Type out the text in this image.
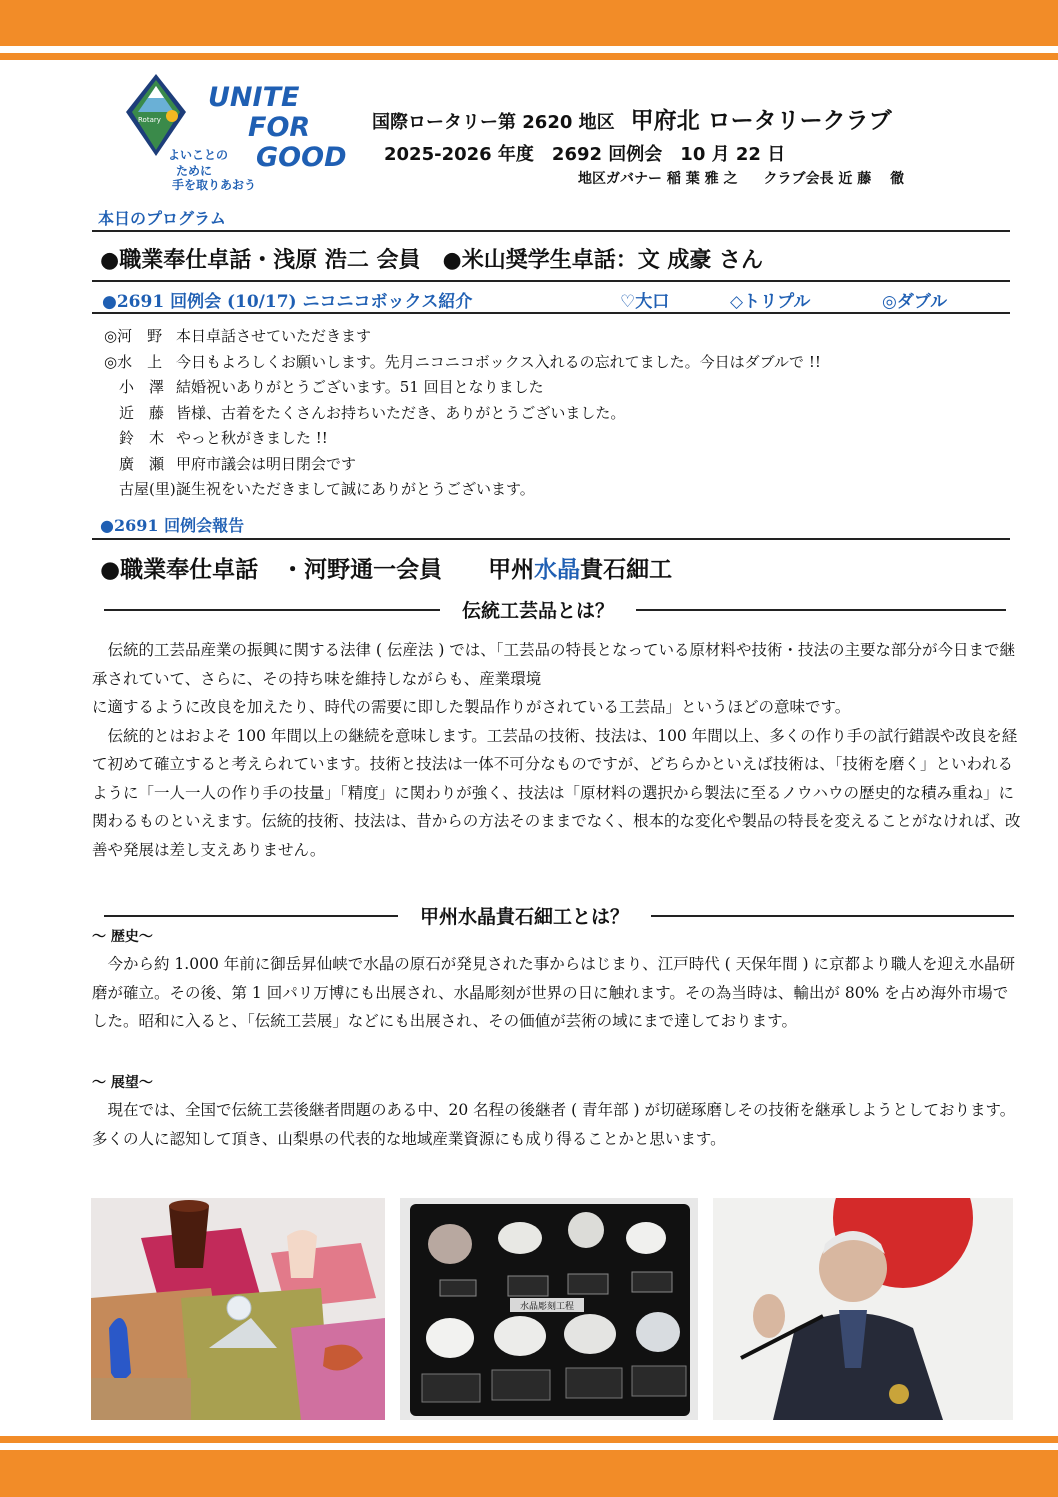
Rotary
UNITE
FOR
GOOD
よいことの
ために
手を取りあおう
国際ロータリー第 2620 地区 甲府北 ロータリークラブ
2025-2026 年度　2692 回例会　10 月 22 日
地区ガバナー 稲 葉 雅 之 クラブ会長 近 藤　 徹
本日のプログラム
●職業奉仕卓話・浅原 浩二 会員　●米山奨学生卓話：文 成豪 さん
●2691 回例会 (10/17) ニコニコボックス紹介	♡大口	◇トリプル	◎ダブル
◎河　野 本日卓話させていただきます
◎水　上 今日もよろしくお願いします。先月ニコニコボックス入れるの忘れてました。今日はダブルで !!
　小　澤 結婚祝いありがとうございます。51 回目となりました
　近　藤 皆様、古着をたくさんお持ちいただき、ありがとうございました。
　鈴　木 やっと秋がきました !!
　廣　瀬 甲府市議会は明日閉会です
　古屋(里) 誕生祝をいただきまして誠にありがとうございます。
●2691 回例会報告
●職業奉仕卓話　・河野通一会員　　甲州水晶貴石細工
伝統工芸品とは？

　伝統的工芸品産業の振興に関する法律 ( 伝産法 ) では、「工芸品の特長となっている原材料や技術・技法の主要な部分が今日まで継承されていて、さらに、その持ち味を維持しながらも、産業環境

に適するように改良を加えたり、時代の需要に即した製品作りがされている工芸品」というほどの意味です。

　伝統的とはおよそ 100 年間以上の継続を意味します。工芸品の技術、技法は、100 年間以上、多くの作り手の試行錯誤や改良を経て初めて確立すると考えられています。技術と技法は一体不可分なものですが、どちらかといえば技術は、「技術を磨く」といわれるように「一人一人の作り手の技量」「精度」に関わりが強く、技法は「原材料の選択から製法に至るノウハウの歴史的な積み重ね」に関わるものといえます。伝統的技術、技法は、昔からの方法そのままでなく、根本的な変化や製品の特長を変えることがなければ、改善や発展は差し支えありません。

甲州水晶貴石細工とは？
〜 歴史〜

　今から約 1.000 年前に御岳昇仙峡で水晶の原石が発見された事からはじまり、江戸時代 ( 天保年間 ) に京都より職人を迎え水晶研磨が確立。その後、第 1 回パリ万博にも出展され、水晶彫刻が世界の日に触れます。その為当時は、輸出が 80% を占め海外市場でした。昭和に入ると、「伝統工芸展」などにも出展され、その価値が芸術の域にまで達しております。

〜 展望〜

　現在では、全国で伝統工芸後継者問題のある中、20 名程の後継者 ( 青年部 ) が切磋琢磨しその技術を継承しようとしております。多くの人に認知して頂き、山梨県の代表的な地域産業資源にも成り得ることかと思います。

水晶彫刻工程
